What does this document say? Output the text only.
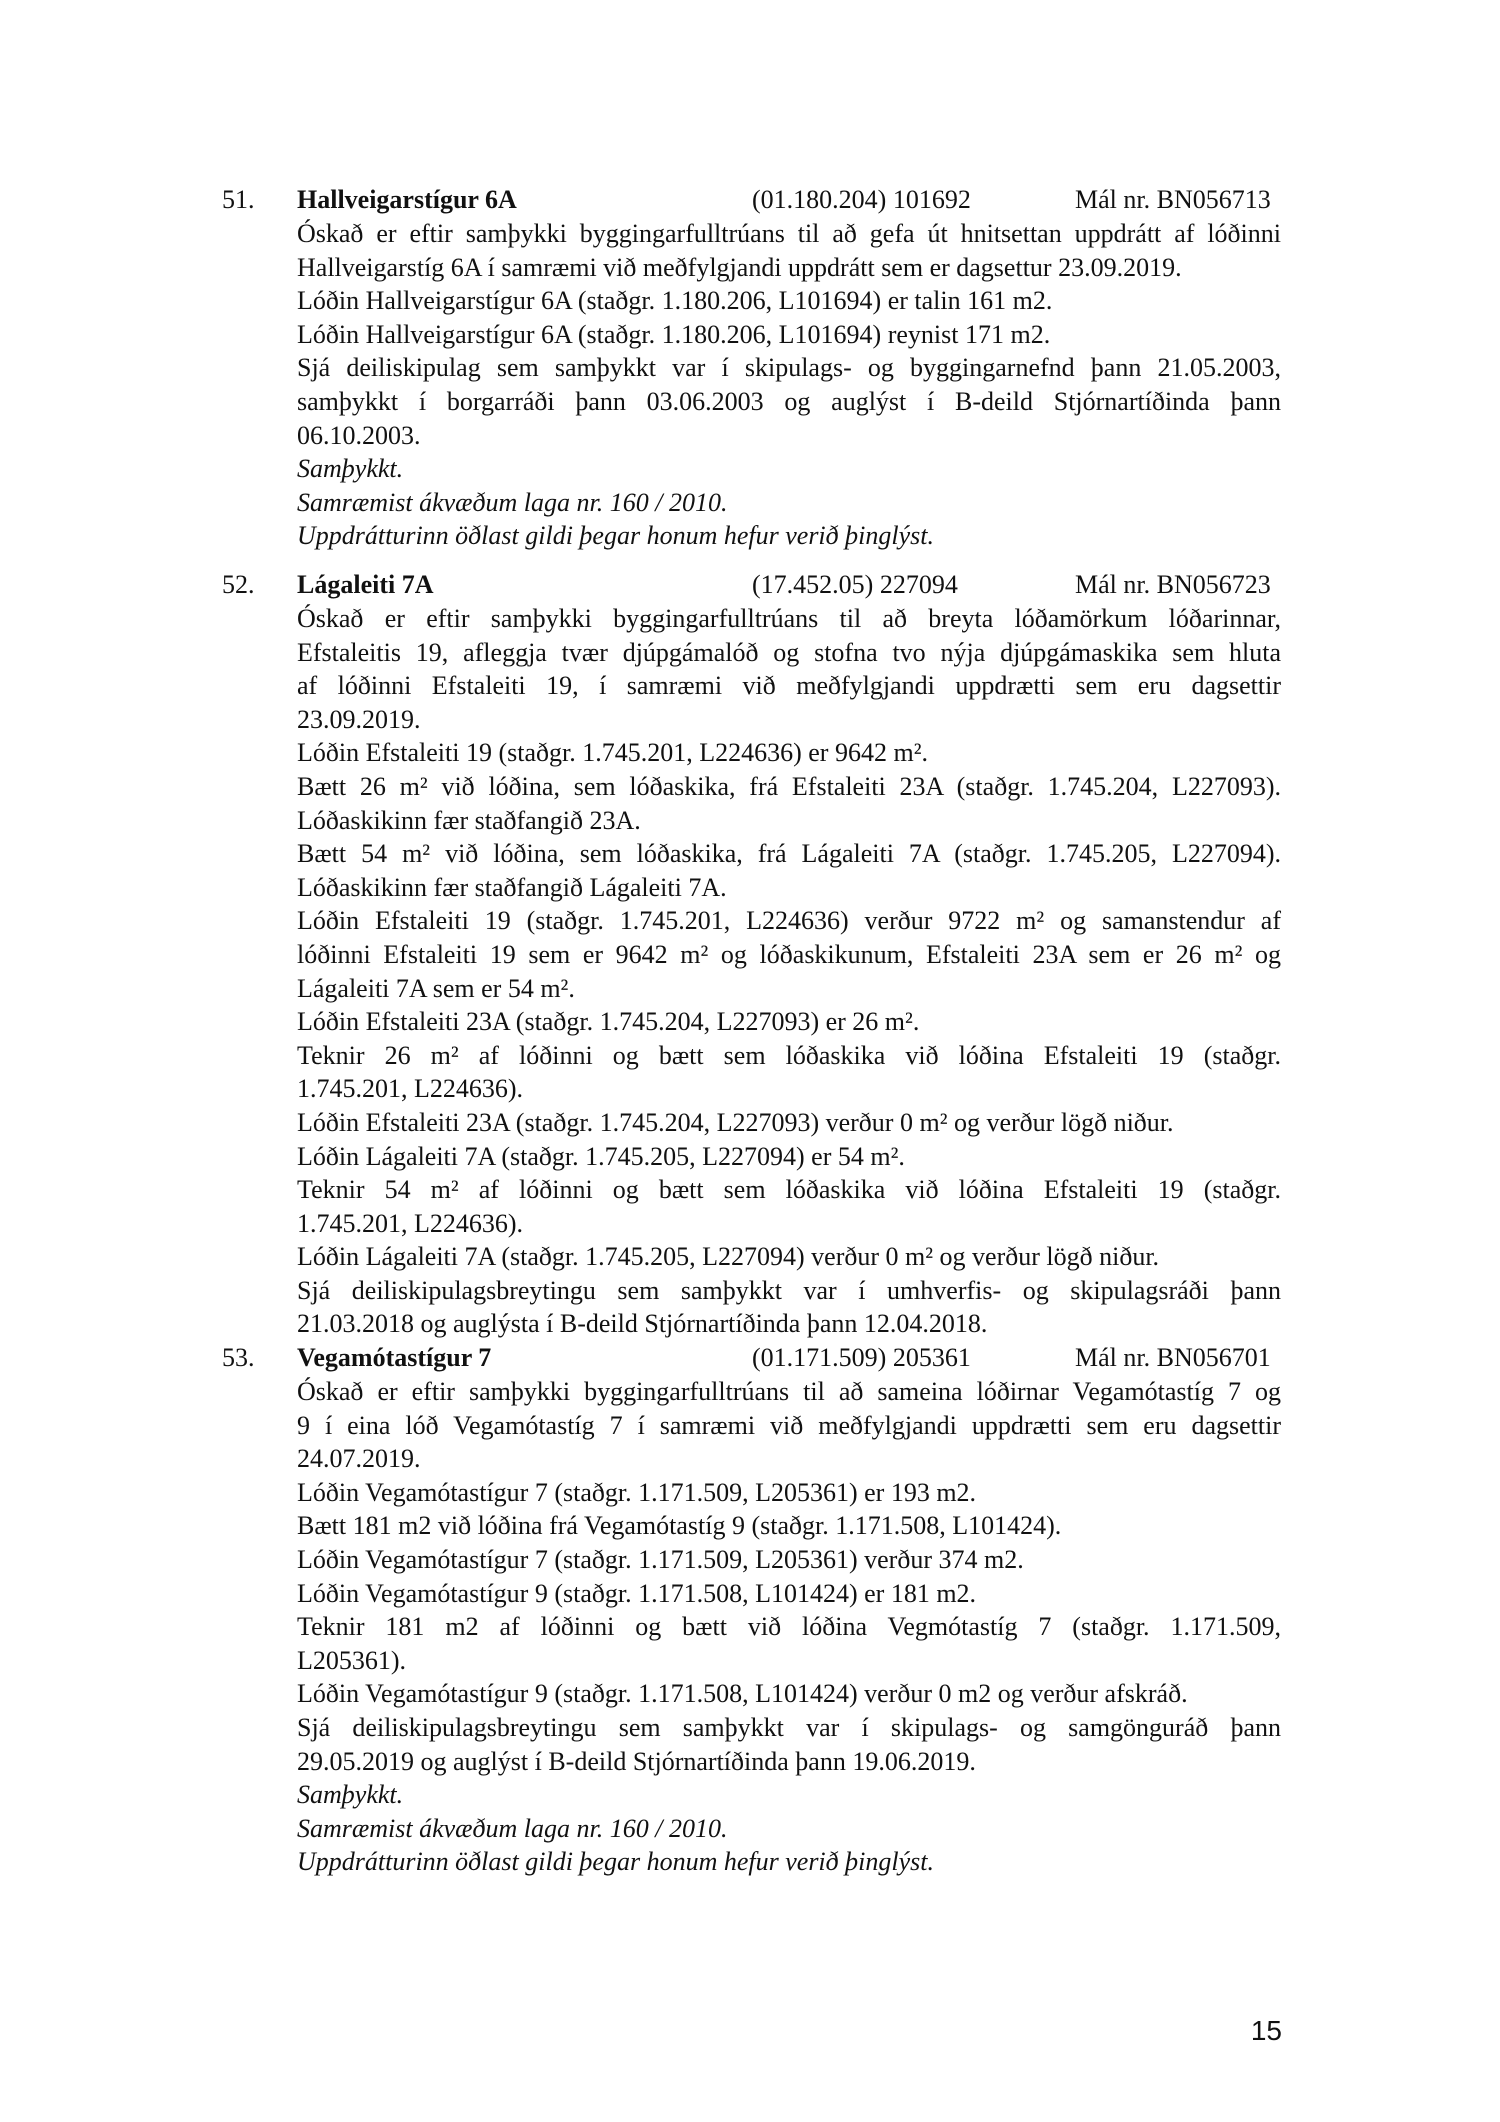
51. Hallveigarstígur 6A	(01.180.204) 101692	Mál nr. BN056713
Óskað er eftir samþykki byggingarfulltrúans til að gefa út hnitsettan uppdrátt af lóðinni
Hallveigarstíg 6A í samræmi við meðfylgjandi uppdrátt sem er dagsettur 23.09.2019.
Lóðin Hallveigarstígur 6A (staðgr. 1.180.206, L101694) er talin 161 m2.
Lóðin Hallveigarstígur 6A (staðgr. 1.180.206, L101694) reynist 171 m2.
Sjá deiliskipulag sem samþykkt var í skipulags- og byggingarnefnd þann 21.05.2003,
samþykkt í borgarráði þann 03.06.2003 og auglýst í B-deild Stjórnartíðinda þann
06.10.2003.
Samþykkt.
Samræmist ákvæðum laga nr. 160 / 2010.
Uppdrátturinn öðlast gildi þegar honum hefur verið þinglýst.
52. Lágaleiti 7A	(17.452.05) 227094	Mál nr. BN056723
Óskað er eftir samþykki byggingarfulltrúans til að breyta lóðamörkum lóðarinnar,
Efstaleitis 19, afleggja tvær djúpgámalóð og stofna tvo nýja djúpgámaskika sem hluta
af lóðinni Efstaleiti 19, í samræmi við meðfylgjandi uppdrætti sem eru dagsettir
23.09.2019.
Lóðin Efstaleiti 19 (staðgr. 1.745.201, L224636) er 9642 m².
Bætt 26 m² við lóðina, sem lóðaskika, frá Efstaleiti 23A (staðgr. 1.745.204, L227093).
Lóðaskikinn fær staðfangið 23A.
Bætt 54 m² við lóðina, sem lóðaskika, frá Lágaleiti 7A (staðgr. 1.745.205, L227094).
Lóðaskikinn fær staðfangið Lágaleiti 7A.
Lóðin Efstaleiti 19 (staðgr. 1.745.201, L224636) verður 9722 m² og samanstendur af
lóðinni Efstaleiti 19 sem er 9642 m² og lóðaskikunum, Efstaleiti 23A sem er 26 m² og
Lágaleiti 7A sem er 54 m².
Lóðin Efstaleiti 23A (staðgr. 1.745.204, L227093) er 26 m².
Teknir 26 m² af lóðinni og bætt sem lóðaskika við lóðina Efstaleiti 19 (staðgr.
1.745.201, L224636).
Lóðin Efstaleiti 23A (staðgr. 1.745.204, L227093) verður 0 m² og verður lögð niður.
Lóðin Lágaleiti 7A (staðgr. 1.745.205, L227094) er 54 m².
Teknir 54 m² af lóðinni og bætt sem lóðaskika við lóðina Efstaleiti 19 (staðgr.
1.745.201, L224636).
Lóðin Lágaleiti 7A (staðgr. 1.745.205, L227094) verður 0 m² og verður lögð niður.
Sjá deiliskipulagsbreytingu sem samþykkt var í umhverfis- og skipulagsráði þann
21.03.2018 og auglýsta í B-deild Stjórnartíðinda þann 12.04.2018.
53. Vegamótastígur 7	(01.171.509) 205361	Mál nr. BN056701
Óskað er eftir samþykki byggingarfulltrúans til að sameina lóðirnar Vegamótastíg 7 og
9 í eina lóð Vegamótastíg 7 í samræmi við meðfylgjandi uppdrætti sem eru dagsettir
24.07.2019.
Lóðin Vegamótastígur 7 (staðgr. 1.171.509, L205361) er 193 m2.
Bætt 181 m2 við lóðina frá Vegamótastíg 9 (staðgr. 1.171.508, L101424).
Lóðin Vegamótastígur 7 (staðgr. 1.171.509, L205361) verður 374 m2.
Lóðin Vegamótastígur 9 (staðgr. 1.171.508, L101424) er 181 m2.
Teknir 181 m2 af lóðinni og bætt við lóðina Vegmótastíg 7 (staðgr. 1.171.509,
L205361).
Lóðin Vegamótastígur 9 (staðgr. 1.171.508, L101424) verður 0 m2 og verður afskráð.
Sjá deiliskipulagsbreytingu sem samþykkt var í skipulags- og samgönguráð þann
29.05.2019 og auglýst í B-deild Stjórnartíðinda þann 19.06.2019.
Samþykkt.
Samræmist ákvæðum laga nr. 160 / 2010.
Uppdrátturinn öðlast gildi þegar honum hefur verið þinglýst.
15
